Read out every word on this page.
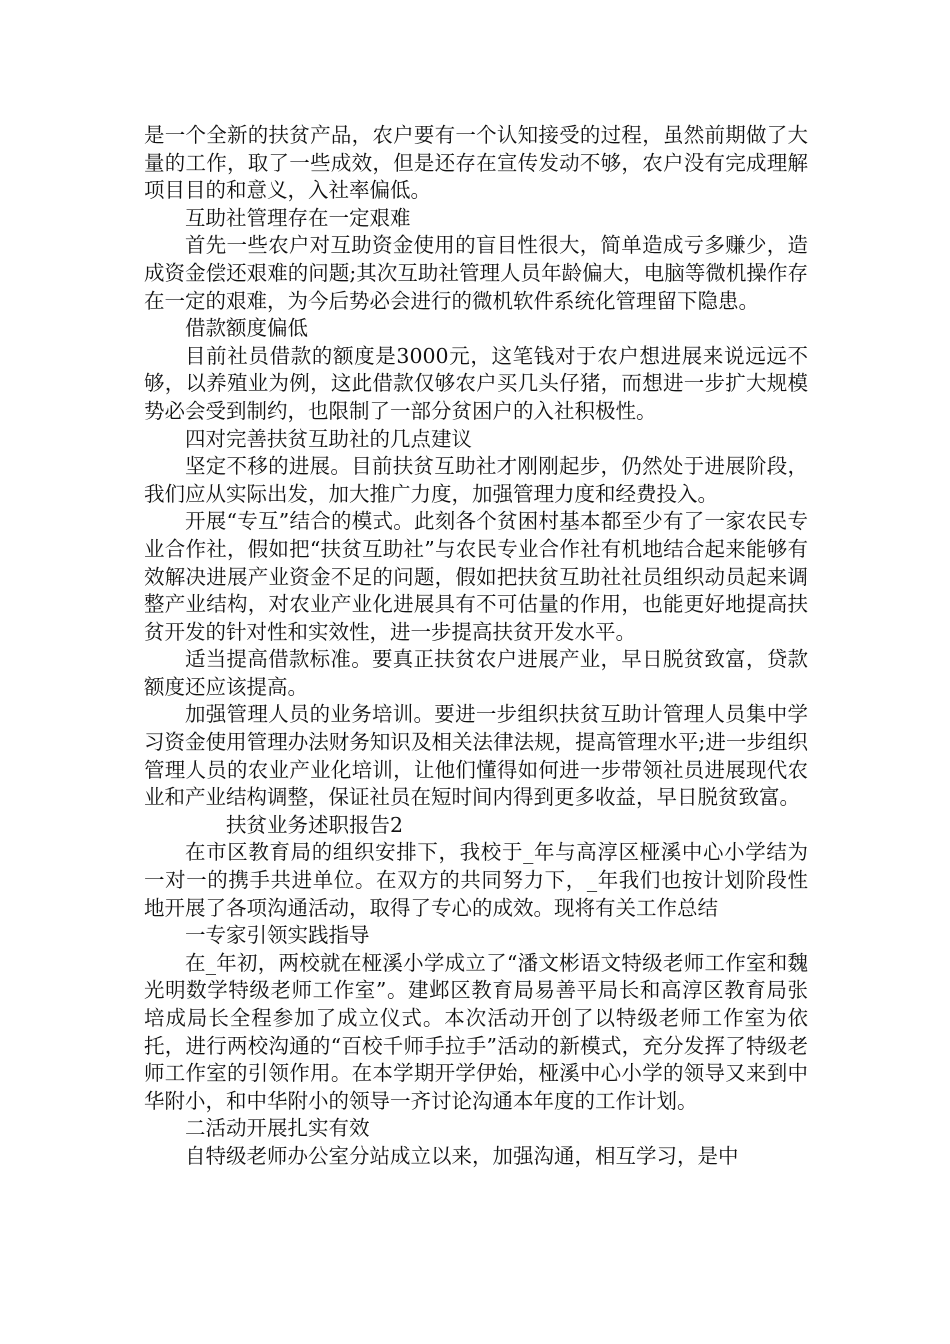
是一个全新的扶贫产品，农户要有一个认知接受的过程，虽然前期做了大量的工作，取了一些成效，但是还存在宣传发动不够，农户没有完成理解项目目的和意义，入社率偏低。

互助社管理存在一定艰难

首先一些农户对互助资金使用的盲目性很大，简单造成亏多赚少，造成资金偿还艰难的问题;其次互助社管理人员年龄偏大，电脑等微机操作存在一定的艰难，为今后势必会进行的微机软件系统化管理留下隐患。

借款额度偏低

目前社员借款的额度是3000元，这笔钱对于农户想进展来说远远不够，以养殖业为例，这此借款仅够农户买几头仔猪，而想进一步扩大规模势必会受到制约，也限制了一部分贫困户的入社积极性。

四对完善扶贫互助社的几点建议

坚定不移的进展。目前扶贫互助社才刚刚起步，仍然处于进展阶段，我们应从实际出发，加大推广力度，加强管理力度和经费投入。

开展“专互”结合的模式。此刻各个贫困村基本都至少有了一家农民专业合作社，假如把“扶贫互助社”与农民专业合作社有机地结合起来能够有效解决进展产业资金不足的问题，假如把扶贫互助社社员组织动员起来调整产业结构，对农业产业化进展具有不可估量的作用，也能更好地提高扶贫开发的针对性和实效性，进一步提高扶贫开发水平。

适当提高借款标准。要真正扶贫农户进展产业，早日脱贫致富，贷款额度还应该提高。

加强管理人员的业务培训。要进一步组织扶贫互助计管理人员集中学习资金使用管理办法财务知识及相关法律法规，提高管理水平;进一步组织管理人员的农业产业化培训，让他们懂得如何进一步带领社员进展现代农业和产业结构调整，保证社员在短时间内得到更多收益，早日脱贫致富。

扶贫业务述职报告2

在市区教育局的组织安排下，我校于_年与高淳区桠溪中心小学结为一对一的携手共进单位。在双方的共同努力下，_年我们也按计划阶段性地开展了各项沟通活动，取得了专心的成效。现将有关工作总结

一专家引领实践指导

在_年初，两校就在桠溪小学成立了“潘文彬语文特级老师工作室和魏光明数学特级老师工作室”。建邺区教育局易善平局长和高淳区教育局张培成局长全程参加了成立仪式。本次活动开创了以特级老师工作室为依托，进行两校沟通的“百校千师手拉手”活动的新模式，充分发挥了特级老师工作室的引领作用。在本学期开学伊始，桠溪中心小学的领导又来到中华附小，和中华附小的领导一齐讨论沟通本年度的工作计划。

二活动开展扎实有效

自特级老师办公室分站成立以来，加强沟通，相互学习，是中
